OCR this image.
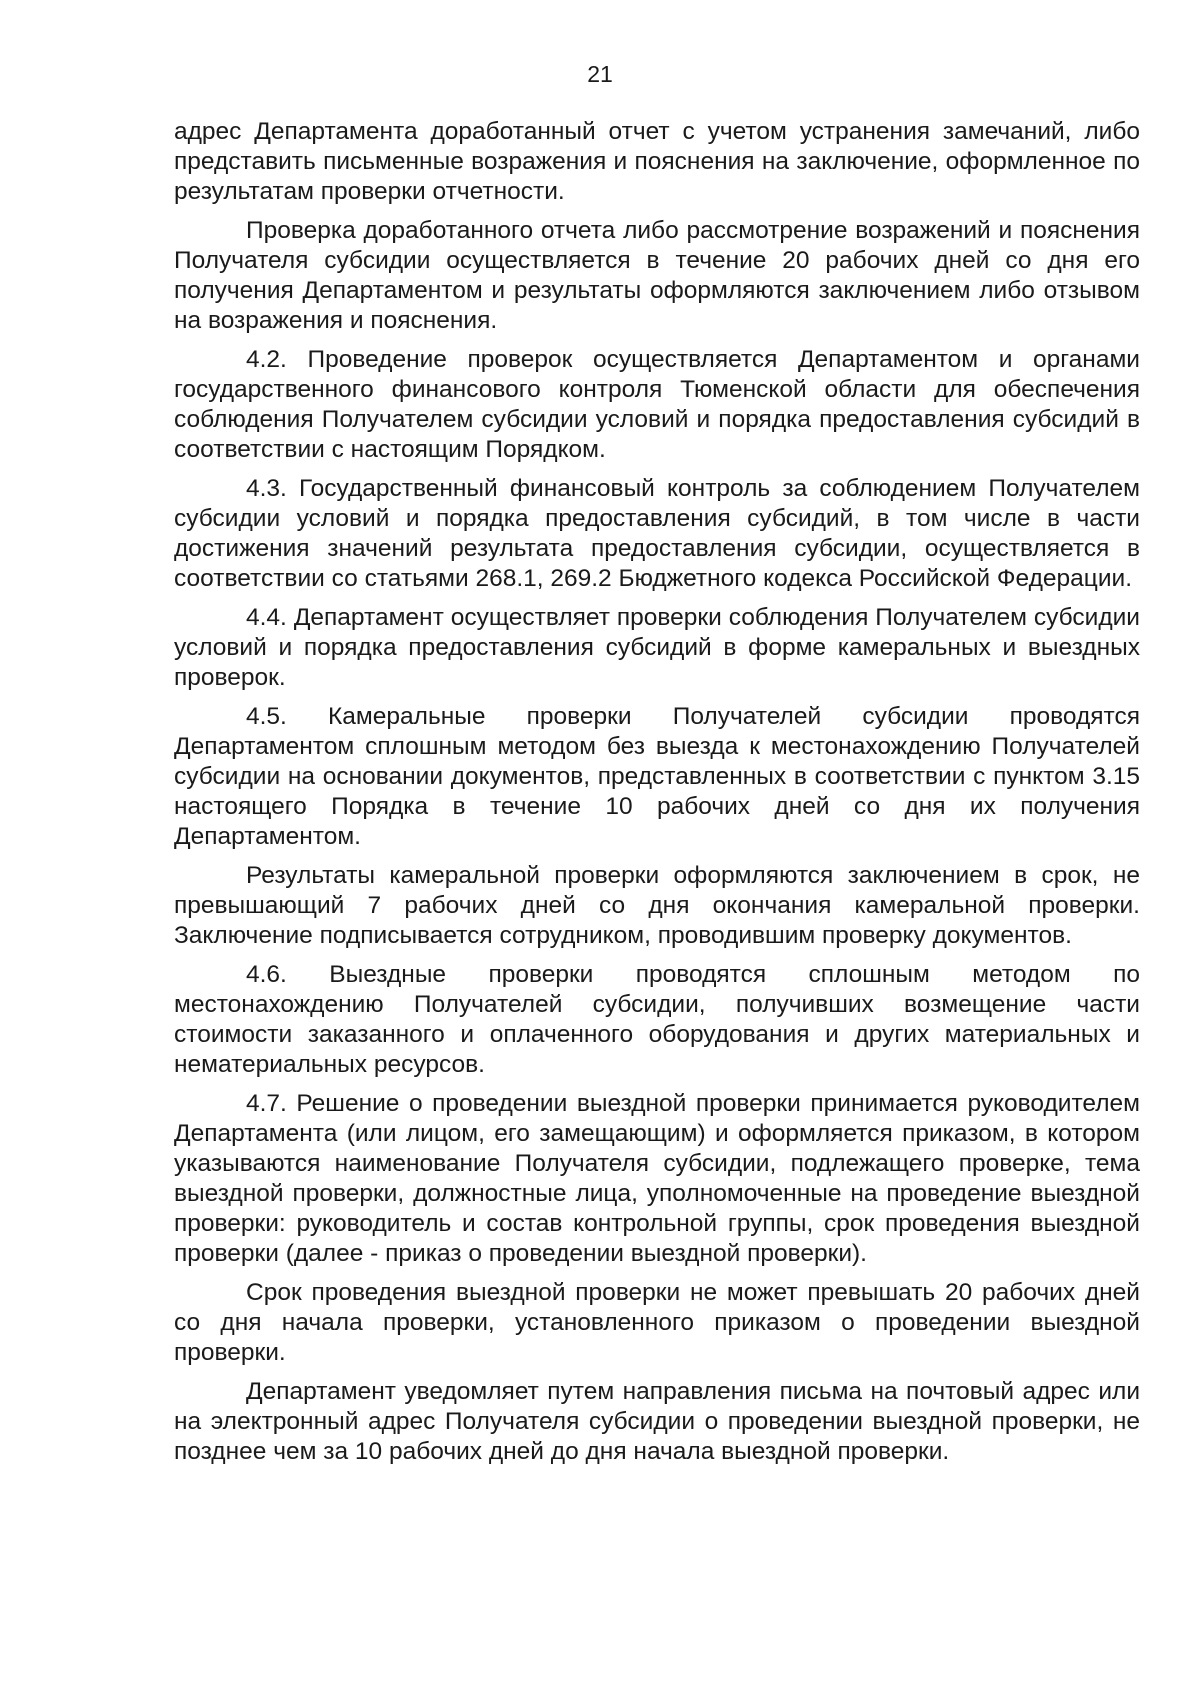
21

адрес Департамента доработанный отчет с учетом устранения замечаний, либо представить письменные возражения и пояснения на заключение, оформленное по результатам проверки отчетности.

Проверка доработанного отчета либо рассмотрение возражений и пояснения Получателя субсидии осуществляется в течение 20 рабочих дней со дня его получения Департаментом и результаты оформляются заключением либо отзывом на возражения и пояснения.

4.2. Проведение проверок осуществляется Департаментом и органами государственного финансового контроля Тюменской области для обеспечения соблюдения Получателем субсидии условий и порядка предоставления субсидий в соответствии с настоящим Порядком.

4.3. Государственный финансовый контроль за соблюдением Получателем субсидии условий и порядка предоставления субсидий, в том числе в части достижения значений результата предоставления субсидии, осуществляется в соответствии со статьями 268.1, 269.2 Бюджетного кодекса Российской Федерации.

4.4. Департамент осуществляет проверки соблюдения Получателем субсидии условий и порядка предоставления субсидий в форме камеральных и выездных проверок.

4.5. Камеральные проверки Получателей субсидии проводятся Департаментом сплошным методом без выезда к местонахождению Получателей субсидии на основании документов, представленных в соответствии с пунктом 3.15 настоящего Порядка в течение 10 рабочих дней со дня их получения Департаментом.

Результаты камеральной проверки оформляются заключением в срок, не превышающий 7 рабочих дней со дня окончания камеральной проверки. Заключение подписывается сотрудником, проводившим проверку документов.

4.6. Выездные проверки проводятся сплошным методом по местонахождению Получателей субсидии, получивших возмещение части стоимости заказанного и оплаченного оборудования и других материальных и нематериальных ресурсов.

4.7. Решение о проведении выездной проверки принимается руководителем Департамента (или лицом, его замещающим) и оформляется приказом, в котором указываются наименование Получателя субсидии, подлежащего проверке, тема выездной проверки, должностные лица, уполномоченные на проведение выездной проверки: руководитель и состав контрольной группы, срок проведения выездной проверки (далее - приказ о проведении выездной проверки).

Срок проведения выездной проверки не может превышать 20 рабочих дней со дня начала проверки, установленного приказом о проведении выездной проверки.

Департамент уведомляет путем направления письма на почтовый адрес или на электронный адрес Получателя субсидии о проведении выездной проверки, не позднее чем за 10 рабочих дней до дня начала выездной проверки.
